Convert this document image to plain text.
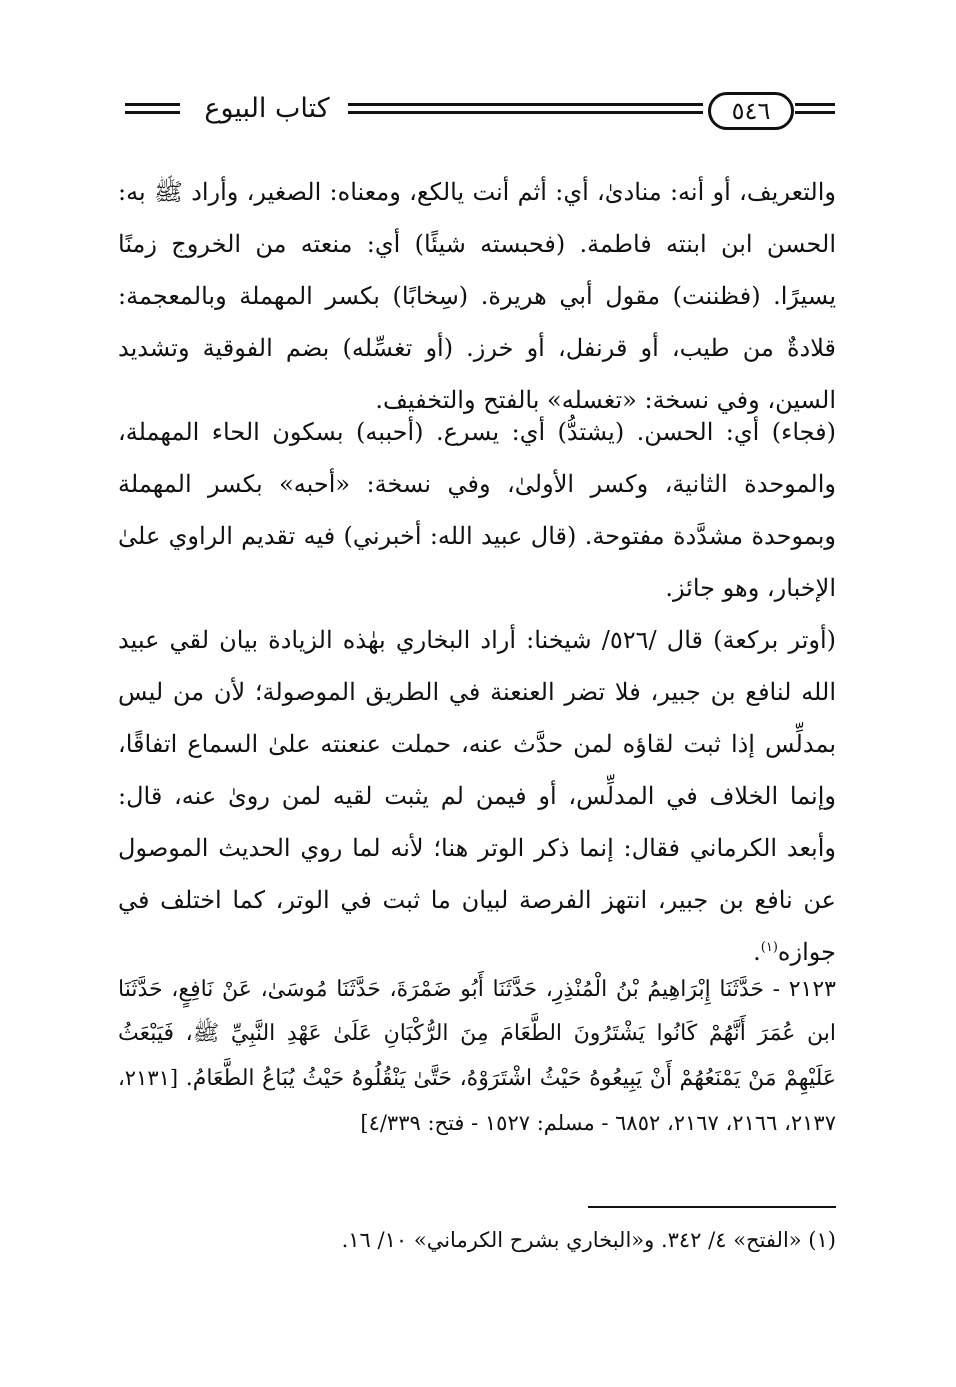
كتاب البيوع	٥٤٦

والتعريف، أو أنه: منادىٰ، أي: أثم أنت يالكع، ومعناه: الصغير، وأراد ﷺ به: الحسن ابن ابنته فاطمة. (فحبسته شيئًا) أي: منعته من الخروج زمنًا يسيرًا. (فظننت) مقول أبي هريرة. (سِخابًا) بكسر المهملة وبالمعجمة: قلادةٌ من طيب، أو قرنفل، أو خرز. (أو تغسِّله) بضم الفوقية وتشديد السين، وفي نسخة: «تغسله» بالفتح والتخفيف.

(فجاء) أي: الحسن. (يشتدُّ) أي: يسرع. (أحببه) بسكون الحاء المهملة، والموحدة الثانية، وكسر الأولىٰ، وفي نسخة: «أحبه» بكسر المهملة وبموحدة مشدَّدة مفتوحة. (قال عبيد الله: أخبرني) فيه تقديم الراوي علىٰ الإخبار، وهو جائز.

(أوتر بركعة) قال /٥٢٦/ شيخنا: أراد البخاري بهٰذه الزيادة بيان لقي عبيد الله لنافع بن جبير، فلا تضر العنعنة في الطريق الموصولة؛ لأن من ليس بمدلِّس إذا ثبت لقاؤه لمن حدَّث عنه، حملت عنعنته علىٰ السماع اتفاقًا، وإنما الخلاف في المدلِّس، أو فيمن لم يثبت لقيه لمن روىٰ عنه، قال: وأبعد الكرماني فقال: إنما ذكر الوتر هنا؛ لأنه لما روي الحديث الموصول عن نافع بن جبير، انتهز الفرصة لبيان ما ثبت في الوتر، كما اختلف في جوازه$^{(١)}$.

٢١٢٣ - حَدَّثَنَا إِبْرَاهِيمُ بْنُ الْمُنْذِرِ، حَدَّثَنَا أَبُو ضَمْرَةَ، حَدَّثَنَا مُوسَىٰ، عَنْ نَافِعٍ، حَدَّثَنَا ابن عُمَرَ أَنَّهُمْ كَانُوا يَشْتَرُونَ الطَّعَامَ مِنَ الرُّكْبَانِ عَلَىٰ عَهْدِ النَّبِيِّ ﷺ، فَيَبْعَثُ عَلَيْهِمْ مَنْ يَمْنَعُهُمْ أَنْ يَبِيعُوهُ حَيْثُ اشْتَرَوْهُ، حَتَّىٰ يَنْقُلُوهُ حَيْثُ يُبَاعُ الطَّعَامُ. [٢١٣١، ٢١٣٧، ٢١٦٦، ٢١٦٧، ٦٨٥٢ - مسلم: ١٥٢٧ - فتح: ٤/٣٣٩]

(١) «الفتح» ٤/ ٣٤٢. و«البخاري بشرح الكرماني» ١٠/ ١٦.
